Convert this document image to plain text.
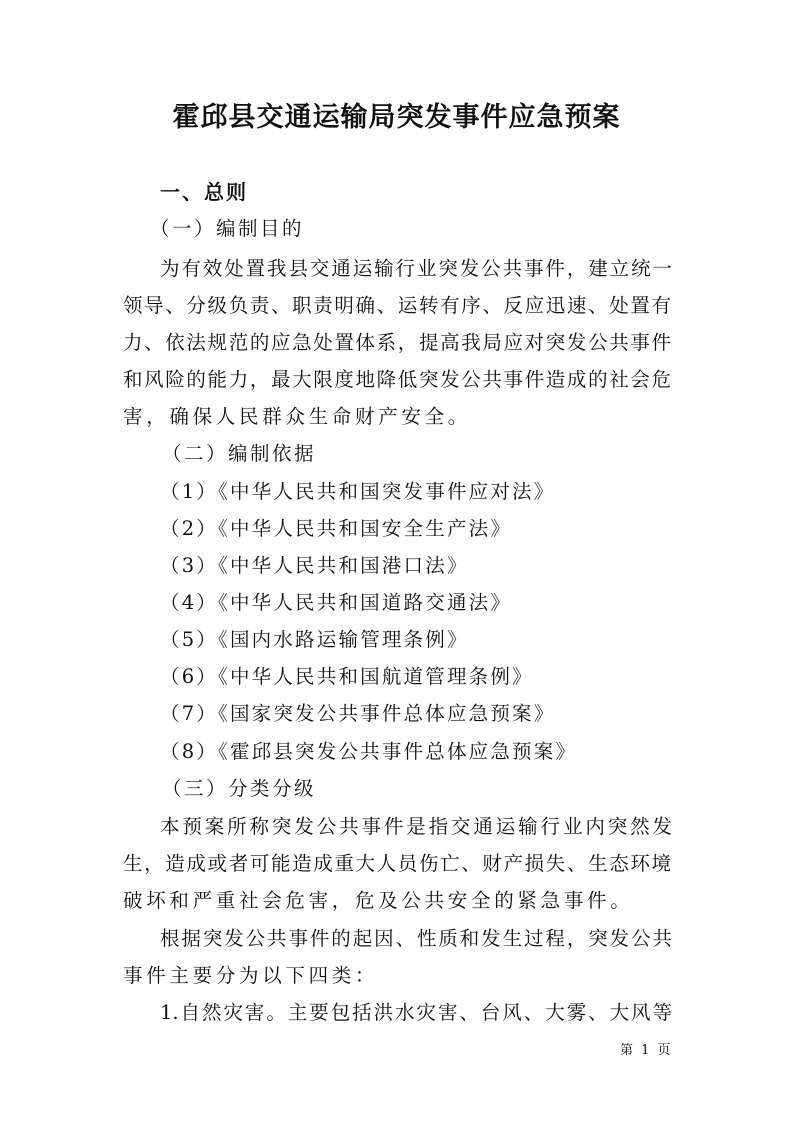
霍邱县交通运输局突发事件应急预案
一、总则
（一）编制目的
为有效处置我县交通运输行业突发公共事件，建立统一
领导、分级负责、职责明确、运转有序、反应迅速、处置有
力、依法规范的应急处置体系，提高我局应对突发公共事件
和风险的能力，最大限度地降低突发公共事件造成的社会危
害，确保人民群众生命财产安全。
（二）编制依据
（1）《中华人民共和国突发事件应对法》
（2）《中华人民共和国安全生产法》
（3）《中华人民共和国港口法》
（4）《中华人民共和国道路交通法》
（5）《国内水路运输管理条例》
（6）《中华人民共和国航道管理条例》
（7）《国家突发公共事件总体应急预案》
（8）《霍邱县突发公共事件总体应急预案》
（三）分类分级
本预案所称突发公共事件是指交通运输行业内突然发
生，造成或者可能造成重大人员伤亡、财产损失、生态环境
破坏和严重社会危害，危及公共安全的紧急事件。
根据突发公共事件的起因、性质和发生过程，突发公共
事件主要分为以下四类：
1.自然灾害。主要包括洪水灾害、台风、大雾、大风等
第 1 页
